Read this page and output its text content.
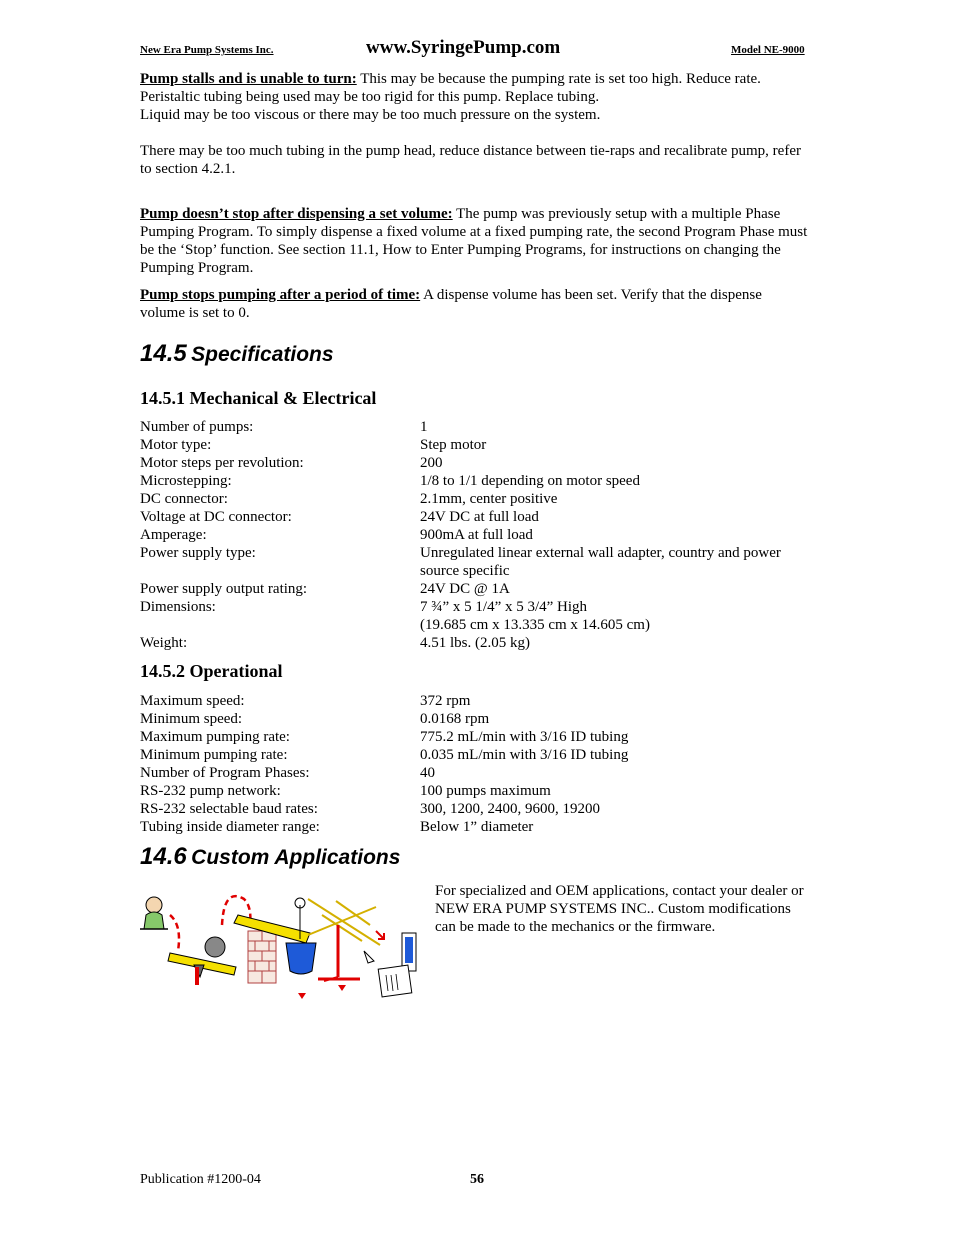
New Era Pump Systems Inc.	www.SyringePump.com	Model NE-9000
Pump stalls and is unable to turn: This may be because the pumping rate is set too high. Reduce rate.
Peristaltic tubing being used may be too rigid for this pump. Replace tubing.
Liquid may be too viscous or there may be too much pressure on the system.
There may be too much tubing in the pump head, reduce distance between tie-raps and recalibrate pump, refer to section 4.2.1.
Pump doesn’t stop after dispensing a set volume: The pump was previously setup with a multiple Phase Pumping Program. To simply dispense a fixed volume at a fixed pumping rate, the second Program Phase must be the ‘Stop’ function. See section 11.1, How to Enter Pumping Programs, for instructions on changing the Pumping Program.
Pump stops pumping after a period of time: A dispense volume has been set. Verify that the dispense volume is set to 0.
14.5 Specifications
14.5.1 Mechanical & Electrical
Number of pumps:	1
Motor type:	Step motor
Motor steps per revolution:	200
Microstepping:	1/8 to 1/1 depending on motor speed
DC connector:	2.1mm, center positive
Voltage at DC connector:	24V DC at full load
Amperage:	900mA at full load
Power supply type:	Unregulated linear external wall adapter, country and power source specific
Power supply output rating:	24V DC @ 1A
Dimensions:	7 ¾” x 5 1/4” x 5 3/4” High
(19.685 cm x 13.335 cm x 14.605 cm)
Weight:	4.51 lbs. (2.05 kg)
14.5.2 Operational
Maximum speed:	372 rpm
Minimum speed:	0.0168 rpm
Maximum pumping rate:	775.2 mL/min with 3/16 ID tubing
Minimum pumping rate:	0.035 mL/min with 3/16 ID tubing
Number of Program Phases:	40
RS-232 pump network:	100 pumps maximum
RS-232 selectable baud rates:	300, 1200, 2400, 9600, 19200
Tubing inside diameter range:	Below 1” diameter
14.6 Custom Applications
For specialized and OEM applications, contact your dealer or NEW ERA PUMP SYSTEMS INC.. Custom modifications can be made to the mechanics or the firmware.
Publication #1200-04	56
